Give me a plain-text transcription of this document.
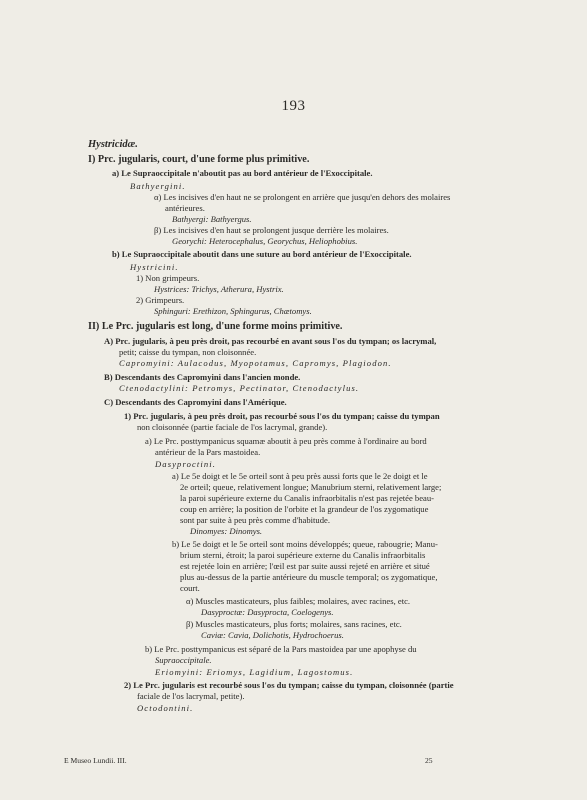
193
Hystricidæ.
I) Prc. jugularis, court, d'une forme plus primitive.
a) Le Supraoccipitale n'aboutit pas au bord antérieur de l'Exoccipitale.
Bathyergini.
α) Les incisives d'en haut ne se prolongent en arrière que jusqu'en dehors des molaires
antérieures.
Bathyergi: Bathyergus.
β) Les incisives d'en haut se prolongent jusque derrière les molaires.
Georychi: Heterocephalus, Georychus, Heliophobius.
b) Le Supraoccipitale aboutit dans une suture au bord antérieur de l'Exoccipitale.
Hystricini.
1) Non grimpeurs.
Hystrices: Trichys, Atherura, Hystrix.
2) Grimpeurs.
Sphinguri: Erethizon, Sphingurus, Chætomys.
II) Le Prc. jugularis est long, d'une forme moins primitive.
A) Prc. jugularis, à peu près droit, pas recourbé en avant sous l'os du tympan; os lacrymal,
petit; caisse du tympan, non cloisonnée.
Capromyini: Aulacodus, Myopotamus, Capromys, Plagiodon.
B) Descendants des Capromyini dans l'ancien monde.
Ctenodactylini: Petromys, Pectinator, Ctenodactylus.
C) Descendants des Capromyini dans l'Amérique.
1) Prc. jugularis, à peu près droit, pas recourbé sous l'os du tympan; caisse du tympan
non cloisonnée (partie faciale de l'os lacrymal, grande).
a) Le Prc. posttympanicus squamæ aboutit à peu près comme à l'ordinaire au bord
antérieur de la Pars mastoidea.
Dasyproctini.
a) Le 5e doigt et le 5e orteil sont à peu près aussi forts que le 2e doigt et le
2e orteil; queue, relativement longue; Manubrium sterni, relativement large;
la paroi supérieure externe du Canalis infraorbitalis n'est pas rejetée beau-
coup en arrière; la position de l'orbite et la grandeur de l'os zygomatique
sont par suite à peu près comme d'habitude.
Dinomyes: Dinomys.
b) Le 5e doigt et le 5e orteil sont moins développés; queue, rabougrie; Manu-
brium sterni, étroit; la paroi supérieure externe du Canalis infraorbitalis
est rejetée loin en arrière; l'œil est par suite aussi rejeté en arrière et situé
plus au-dessus de la partie antérieure du muscle temporal; os zygomatique,
court.
α) Muscles masticateurs, plus faibles; molaires, avec racines, etc.
Dasyproctæ: Dasyprocta, Coelogenys.
β) Muscles masticateurs, plus forts; molaires, sans racines, etc.
Caviæ: Cavia, Dolichotis, Hydrochoerus.
b) Le Prc. posttympanicus est séparé de la Pars mastoidea par une apophyse du
Supraoccipitale.
Eriomyini: Eriomys, Lagidium, Lagostomus.
2) Le Prc. jugularis est recourbé sous l'os du tympan; caisse du tympan, cloisonnée (partie
faciale de l'os lacrymal, petite).
Octodontini.
E Museo Lundii. III.	25
